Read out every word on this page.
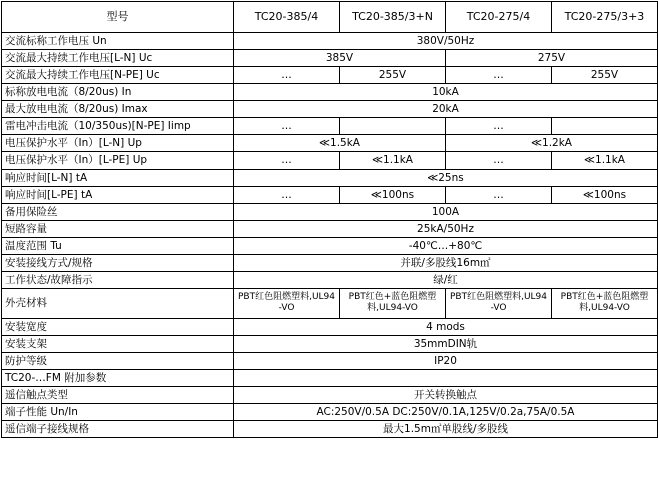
型号	TC20-385/4	TC20-385/3+N	TC20-275/4	TC20-275/3+3
交流标称工作电压 Un	380V/50Hz			
交流最大持续工作电压[L-N] Uc	385V		275V	
交流最大持续工作电压[N-PE] Uc	…	255V	…	255V
标称放电电流（8/20us) In	10kA			
最大放电电流（8/20us) Imax	20kA			
雷电冲击电流（10/350us)[N-PE] Iimp	…		…	
电压保护水平（In）[L-N] Up	≪1.5kA		≪1.2kA	
电压保护水平（In）[L-PE] Up	…	≪1.1kA	…	≪1.1kA
响应时间[L-N] tA	≪25ns			
响应时间[L-PE] tA	…	≪100ns	…	≪100ns
备用保险丝	100A			
短路容量	25kA/50Hz			
温度范围 Tu	-40℃…+80℃			
安装接线方式/规格	并联/多股线16m㎡			
工作状态/故障指示	绿/红			
外壳材料	PBT红色阻燃塑料,UL94-VO	PBT红色+蓝色阻燃塑料,UL94-VO	PBT红色阻燃塑料,UL94-VO	PBT红色+蓝色阻燃塑料,UL94-VO
安装宽度	4 mods			
安装支架	35mmDIN轨			
防护等级	IP20			
TC20-…FM 附加参数				
遥信触点类型	开关转换触点			
端子性能 Un/In	AC:250V/0.5A DC:250V/0.1A,125V/0.2a,75A/0.5A			
遥信端子接线规格	最大1.5m㎡单股线/多股线			
